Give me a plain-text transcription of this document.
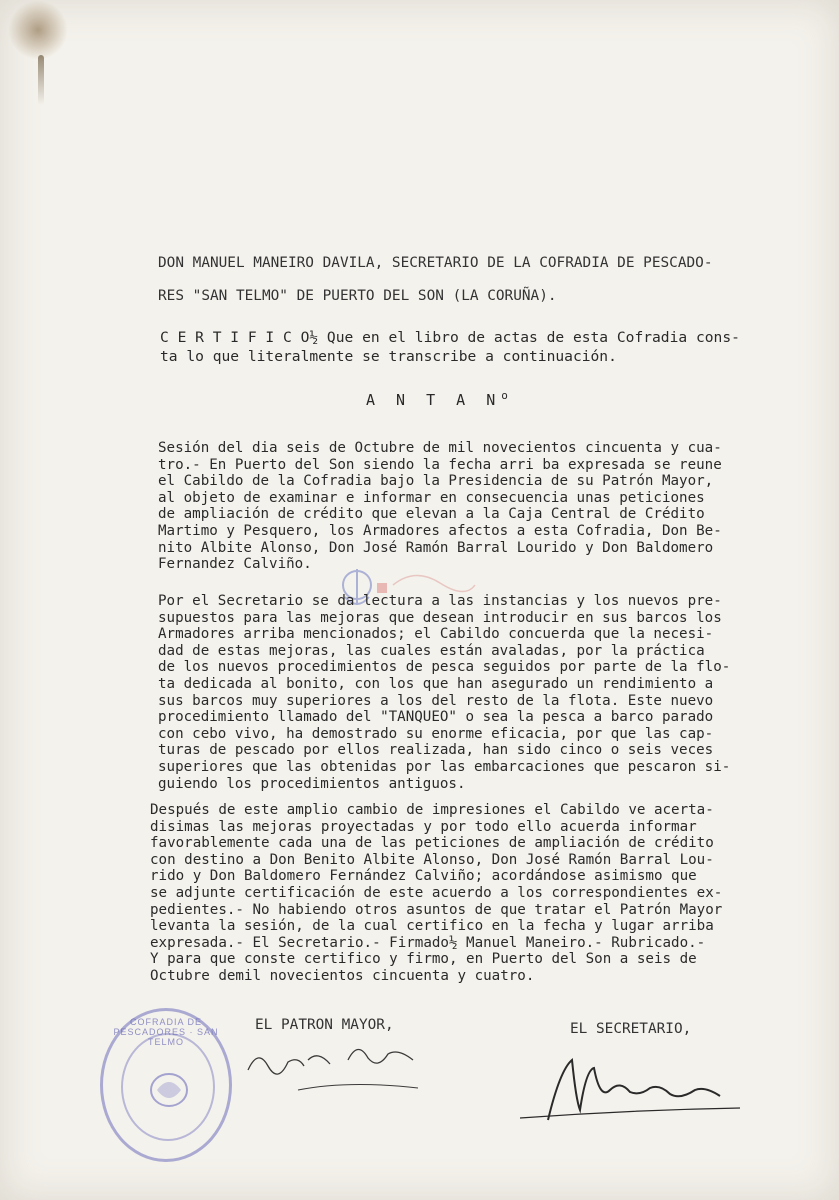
DON MANUEL MANEIRO DAVILA, SECRETARIO DE LA COFRADIA DE PESCADO-
RES "SAN TELMO" DE PUERTO DEL SON (LA CORUÑA).
C E R T I F I C O½ Que en el libro de actas de esta Cofradia cons-
ta lo que literalmente se transcribe a continuación.
A N T A $N^o$
Sesión del dia seis de Octubre de mil novecientos cincuenta y cua-
tro.- En Puerto del Son siendo la fecha arri ba expresada se reune
el Cabildo de la Cofradia bajo la Presidencia de su Patrón Mayor,
al objeto de examinar e informar en consecuencia unas peticiones
de ampliación de crédito que elevan a la Caja Central de Crédito
Martimo y Pesquero, los Armadores afectos a esta Cofradia, Don Be-
nito Albite Alonso, Don José Ramón Barral Lourido y Don Baldomero
Fernandez Calviño.
Por el Secretario se da lectura a las instancias y los nuevos pre-
supuestos para las mejoras que desean introducir en sus barcos los
Armadores arriba mencionados; el Cabildo concuerda que la necesi-
dad de estas mejoras, las cuales están avaladas, por la práctica
de los nuevos procedimientos de pesca seguidos por parte de la flo-
ta dedicada al bonito, con los que han asegurado un rendimiento a
sus barcos muy superiores a los del resto de la flota. Este nuevo
procedimiento llamado del "TANQUEO" o sea la pesca a barco parado
con cebo vivo, ha demostrado su enorme eficacia, por que las cap-
turas de pescado por ellos realizada, han sido cinco o seis veces
superiores que las obtenidas por las embarcaciones que pescaron si-
guiendo los procedimientos antiguos.
Después de este amplio cambio de impresiones el Cabildo ve acerta-
disimas las mejoras proyectadas y por todo ello acuerda informar
favorablemente cada una de las peticiones de ampliación de crédito
con destino a Don Benito Albite Alonso, Don José Ramón Barral Lou-
rido y Don Baldomero Fernández Calviño; acordándose asimismo que
se adjunte certificación de este acuerdo a los correspondientes ex-
pedientes.- No habiendo otros asuntos de que tratar el Patrón Mayor
levanta la sesión, de la cual certifico en la fecha y lugar arriba
expresada.- El Secretario.- Firmado½ Manuel Maneiro.- Rubricado.-
Y para que conste certifico y firmo, en Puerto del Son a seis de
Octubre demil novecientos cincuenta y cuatro.
EL PATRON MAYOR,	EL SECRETARIO,
COFRADIA DE PESCADORES · SAN TELMO
